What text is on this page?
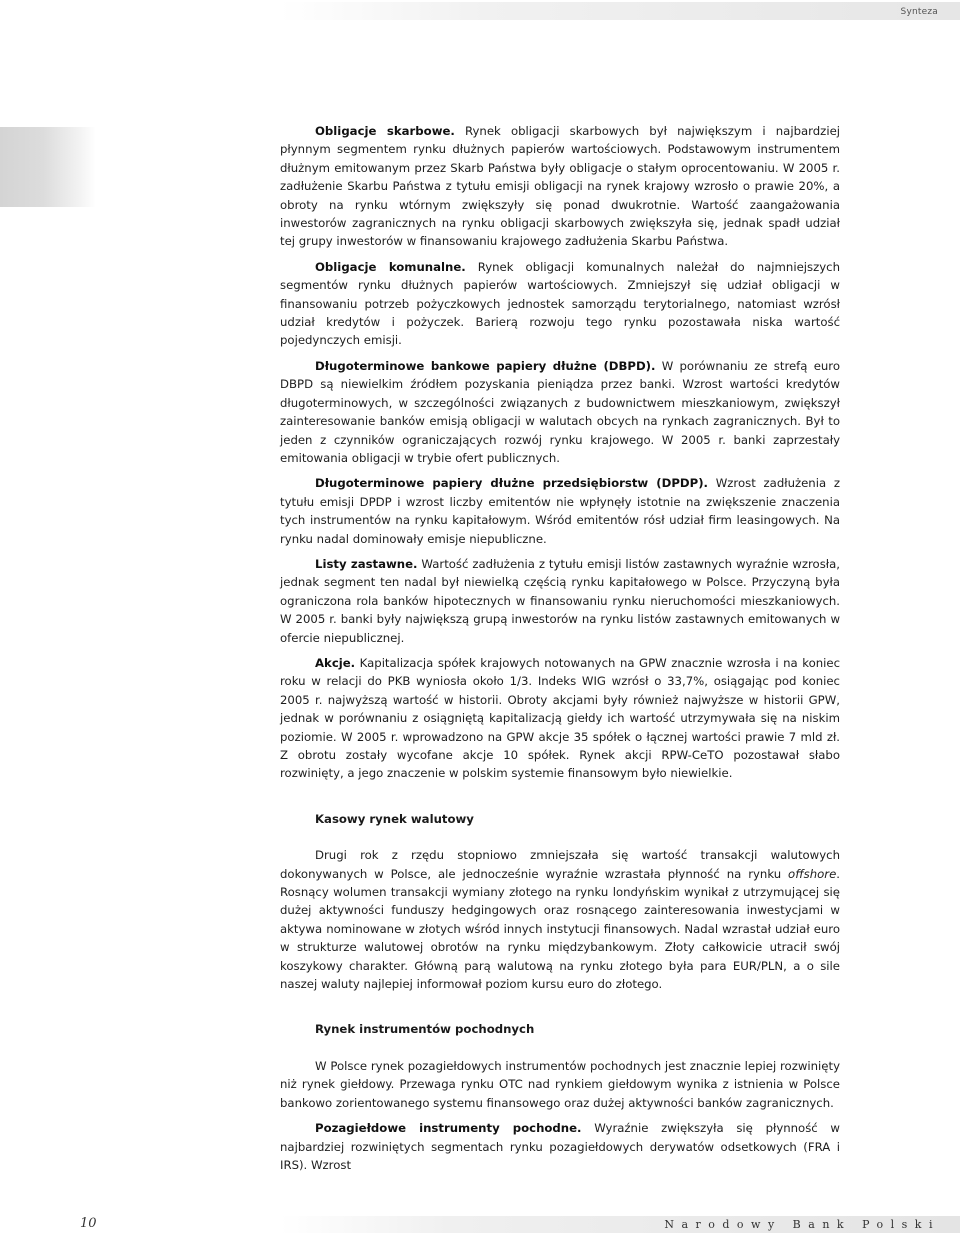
Synteza

Obligacje skarbowe. Rynek obligacji skarbowych był największym i najbardziej płynnym segmentem rynku dłużnych papierów wartościowych. Podstawowym instrumentem dłużnym emitowanym przez Skarb Państwa były obligacje o stałym oprocentowaniu. W 2005 r. zadłużenie Skarbu Państwa z tytułu emisji obligacji na rynek krajowy wzrosło o prawie 20%, a obroty na rynku wtórnym zwiększyły się ponad dwukrotnie. Wartość zaangażowania inwestorów zagranicznych na rynku obligacji skarbowych zwiększyła się, jednak spadł udział tej grupy inwestorów w finansowaniu krajowego zadłużenia Skarbu Państwa.

Obligacje komunalne. Rynek obligacji komunalnych należał do najmniejszych segmentów rynku dłużnych papierów wartościowych. Zmniejszył się udział obligacji w finansowaniu potrzeb pożyczkowych jednostek samorządu terytorialnego, natomiast wzrósł udział kredytów i pożyczek. Barierą rozwoju tego rynku pozostawała niska wartość pojedynczych emisji.

Długoterminowe bankowe papiery dłużne (DBPD). W porównaniu ze strefą euro DBPD są niewielkim źródłem pozyskania pieniądza przez banki. Wzrost wartości kredytów długoterminowych, w szczególności związanych z budownictwem mieszkaniowym, zwiększył zainteresowanie banków emisją obligacji w walutach obcych na rynkach zagranicznych. Był to jeden z czynników ograniczających rozwój rynku krajowego. W 2005 r. banki zaprzestały emitowania obligacji w trybie ofert publicznych.

Długoterminowe papiery dłużne przedsiębiorstw (DPDP). Wzrost zadłużenia z tytułu emisji DPDP i wzrost liczby emitentów nie wpłynęły istotnie na zwiększenie znaczenia tych instrumentów na rynku kapitałowym. Wśród emitentów rósł udział firm leasingowych. Na rynku nadal dominowały emisje niepubliczne.

Listy zastawne. Wartość zadłużenia z tytułu emisji listów zastawnych wyraźnie wzrosła, jednak segment ten nadal był niewielką częścią rynku kapitałowego w Polsce. Przyczyną była ograniczona rola banków hipotecznych w finansowaniu rynku nieruchomości mieszkaniowych. W 2005 r. banki były największą grupą inwestorów na rynku listów zastawnych emitowanych w ofercie niepublicznej.

Akcje. Kapitalizacja spółek krajowych notowanych na GPW znacznie wzrosła i na koniec roku w relacji do PKB wyniosła około 1/3. Indeks WIG wzrósł o 33,7%, osiągając pod koniec 2005 r. najwyższą wartość w historii. Obroty akcjami były również najwyższe w historii GPW, jednak w porównaniu z osiągniętą kapitalizacją giełdy ich wartość utrzymywała się na niskim poziomie. W 2005 r. wprowadzono na GPW akcje 35 spółek o łącznej wartości prawie 7 mld zł. Z obrotu zostały wycofane akcje 10 spółek. Rynek akcji RPW-CeTO pozostawał słabo rozwinięty, a jego znaczenie w polskim systemie finansowym było niewielkie.

Kasowy rynek walutowy

Drugi rok z rzędu stopniowo zmniejszała się wartość transakcji walutowych dokonywanych w Polsce, ale jednocześnie wyraźnie wzrastała płynność na rynku offshore. Rosnący wolumen transakcji wymiany złotego na rynku londyńskim wynikał z utrzymującej się dużej aktywności funduszy hedgingowych oraz rosnącego zainteresowania inwestycjami w aktywa nominowane w złotych wśród innych instytucji finansowych. Nadal wzrastał udział euro w strukturze walutowej obrotów na rynku międzybankowym. Złoty całkowicie utracił swój koszykowy charakter. Główną parą walutową na rynku złotego była para EUR/PLN, a o sile naszej waluty najlepiej informował poziom kursu euro do złotego.

Rynek instrumentów pochodnych

W Polsce rynek pozagiełdowych instrumentów pochodnych jest znacznie lepiej rozwinięty niż rynek giełdowy. Przewaga rynku OTC nad rynkiem giełdowym wynika z istnienia w Polsce bankowo zorientowanego systemu finansowego oraz dużej aktywności banków zagranicznych.

Pozagiełdowe instrumenty pochodne. Wyraźnie zwiększyła się płynność w najbardziej rozwiniętych segmentach rynku pozagiełdowych derywatów odsetkowych (FRA i IRS). Wzrost

10	Narodowy Bank Polski
